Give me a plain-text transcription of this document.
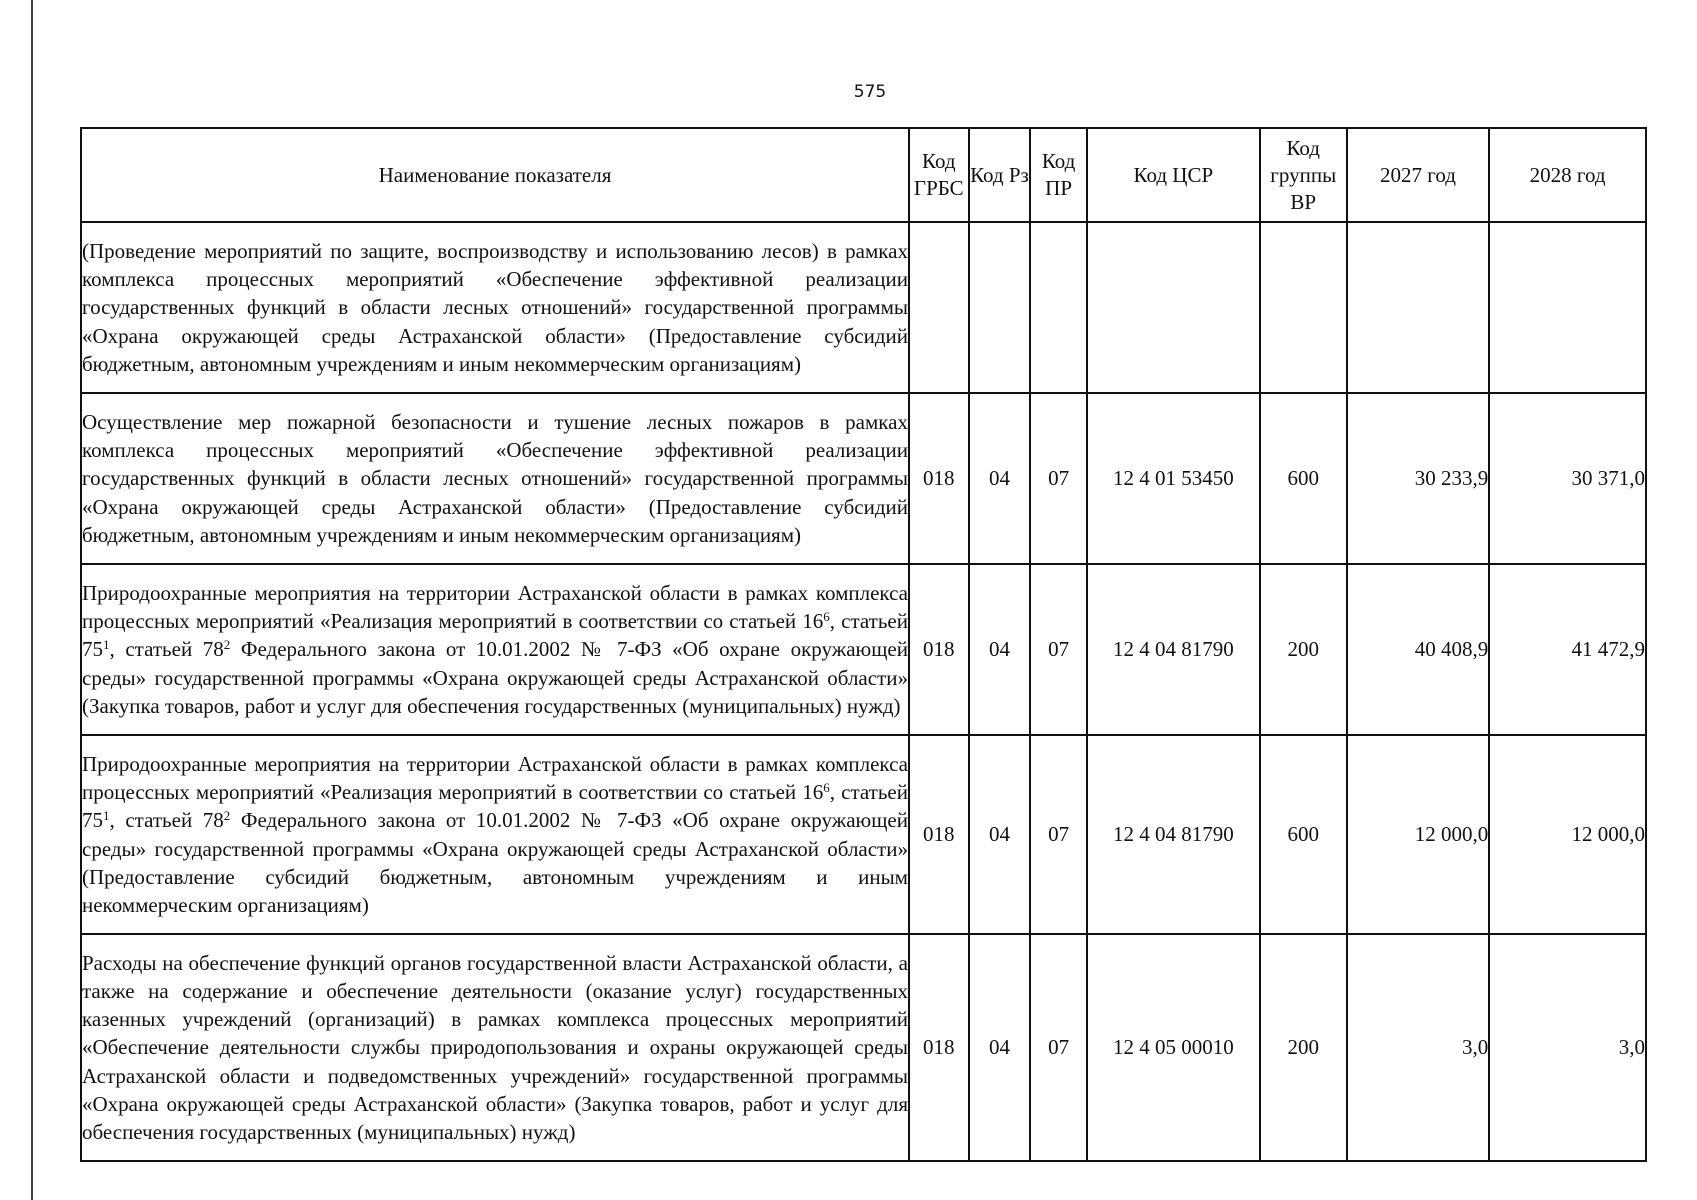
575
Наименование показателя	Код ГРБС	Код Рз	Код ПР	Код ЦСР	Код группы ВР	2027 год	2028 год
(Проведение мероприятий по защите, воспроизводству и использованию лесов) в рамках комплекса процессных мероприятий «Обеспечение эффективной реализации государственных функций в области лесных отношений» государственной программы «Охрана окружающей среды Астраханской области» (Предоставление субсидий бюджетным, автономным учреждениям и иным некоммерческим организациям)							
Осуществление мер пожарной безопасности и тушение лесных пожаров в рамках комплекса процессных мероприятий «Обеспечение эффективной реализации государственных функций в области лесных отношений» государственной программы «Охрана окружающей среды Астраханской области» (Предоставление субсидий бюджетным, автономным учреждениям и иным некоммерческим организациям)	018	04	07	12 4 01 53450	600	30 233,9	30 371,0
Природоохранные мероприятия на территории Астраханской области в рамках комплекса процессных мероприятий «Реализация мероприятий в соответствии со статьей $16^6$, статьей $75^1$, статьей $78^2$ Федерального закона от 10.01.2002 № 7-ФЗ «Об охране окружающей среды» государственной программы «Охрана окружающей среды Астраханской области» (Закупка товаров, работ и услуг для обеспечения государственных (муниципальных) нужд)	018	04	07	12 4 04 81790	200	40 408,9	41 472,9
Природоохранные мероприятия на территории Астраханской области в рамках комплекса процессных мероприятий «Реализация мероприятий в соответствии со статьей $16^6$, статьей $75^1$, статьей $78^2$ Федерального закона от 10.01.2002 № 7-ФЗ «Об охране окружающей среды» государственной программы «Охрана окружающей среды Астраханской области» (Предоставление субсидий бюджетным, автономным учреждениям и иным некоммерческим организациям)	018	04	07	12 4 04 81790	600	12 000,0	12 000,0
Расходы на обеспечение функций органов государственной власти Астраханской области, а также на содержание и обеспечение деятельности (оказание услуг) государственных казенных учреждений (организаций) в рамках комплекса процессных мероприятий «Обеспечение деятельности службы природопользования и охраны окружающей среды Астраханской области и подведомственных учреждений» государственной программы «Охрана окружающей среды Астраханской области» (Закупка товаров, работ и услуг для обеспечения государственных (муниципальных) нужд)	018	04	07	12 4 05 00010	200	3,0	3,0
